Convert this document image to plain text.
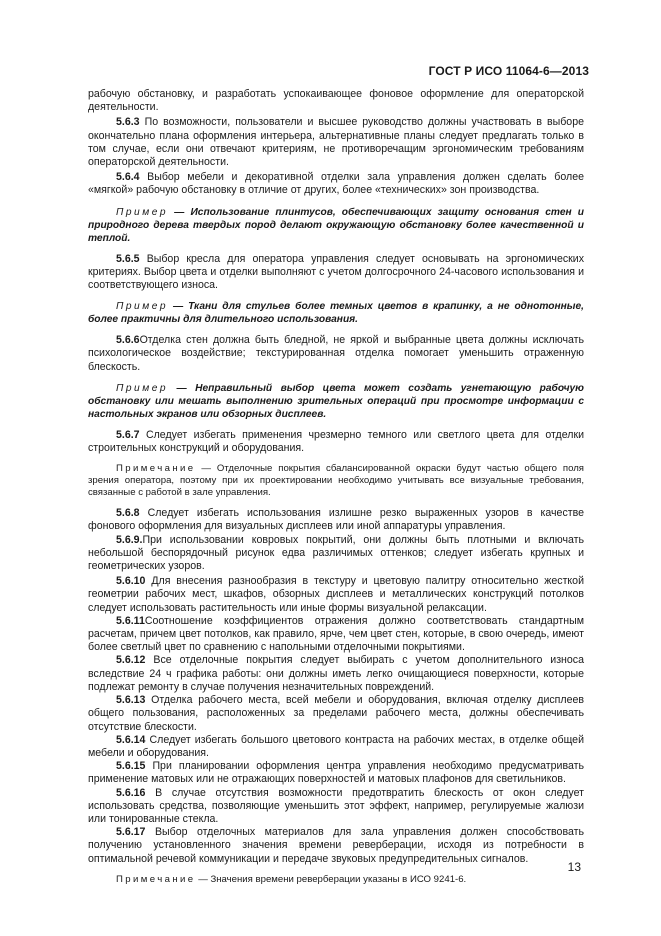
ГОСТ Р ИСО 11064-6—2013

рабочую обстановку, и разработать успокаивающее фоновое оформление для операторской деятельности.

5.6.3 По возможности, пользователи и высшее руководство должны участвовать в выборе окончательно плана оформления интерьера, альтернативные планы следует предлагать только в том случае, если они отвечают критериям, не противоречащим эргономическим требованиям операторской деятельности.

5.6.4 Выбор мебели и декоративной отделки зала управления должен сделать более «мягкой» рабочую обстановку в отличие от других, более «технических» зон производства.

Пример — Использование плинтусов, обеспечивающих защиту основания стен и природного дерева твердых пород делают окружающую обстановку более качественной и теплой.

5.6.5 Выбор кресла для оператора управления следует основывать на эргономических критериях. Выбор цвета и отделки выполняют с учетом долгосрочного 24-часового использования и соответствующего износа.

Пример — Ткани для стульев более темных цветов в крапинку, а не однотонные, более практичны для длительного использования.

5.6.6Отделка стен должна быть бледной, не яркой и выбранные цвета должны исключать психологическое воздействие; текстурированная отделка помогает уменьшить отраженную блескость.

Пример — Неправильный выбор цвета может создать угнетающую рабочую обстановку или мешать выполнению зрительных операций при просмотре информации с настольных экранов или обзорных дисплеев.

5.6.7 Следует избегать применения чрезмерно темного или светлого цвета для отделки строительных конструкций и оборудования.

Примечание — Отделочные покрытия сбалансированной окраски будут частью общего поля зрения оператора, поэтому при их проектировании необходимо учитывать все визуальные требования, связанные с работой в зале управления.

5.6.8 Следует избегать использования излишне резко выраженных узоров в качестве фонового оформления для визуальных дисплеев или иной аппаратуры управления.

5.6.9.При использовании ковровых покрытий, они должны быть плотными и включать небольшой беспорядочный рисунок едва различимых оттенков; следует избегать крупных и геометрических узоров.

5.6.10 Для внесения разнообразия в текстуру и цветовую палитру относительно жесткой геометрии рабочих мест, шкафов, обзорных дисплеев и металлических конструкций потолков следует использовать растительность или иные формы визуальной релаксации.

5.6.11Соотношение коэффициентов отражения должно соответствовать стандартным расчетам, причем цвет потолков, как правило, ярче, чем цвет стен, которые, в свою очередь, имеют более светлый цвет по сравнению с напольными отделочными покрытиями.

5.6.12 Все отделочные покрытия следует выбирать с учетом дополнительного износа вследствие 24 ч графика работы: они должны иметь легко очищающиеся поверхности, которые подлежат ремонту в случае получения незначительных повреждений.

5.6.13 Отделка рабочего места, всей мебели и оборудования, включая отделку дисплеев общего пользования, расположенных за пределами рабочего места, должны обеспечивать отсутствие блескости.

5.6.14 Следует избегать большого цветового контраста на рабочих местах, в отделке общей мебели и оборудования.

5.6.15 При планировании оформления центра управления необходимо предусматривать применение матовых или не отражающих поверхностей и матовых плафонов для светильников.

5.6.16 В случае отсутствия возможности предотвратить блескость от окон следует использовать средства, позволяющие уменьшить этот эффект, например, регулируемые жалюзи или тонированные стекла.

5.6.17 Выбор отделочных материалов для зала управления должен способствовать получению установленного значения времени реверберации, исходя из потребности в оптимальной речевой коммуникации и передаче звуковых предупредительных сигналов.

Примечание — Значения времени реверберации указаны в ИСО 9241-6.

13
